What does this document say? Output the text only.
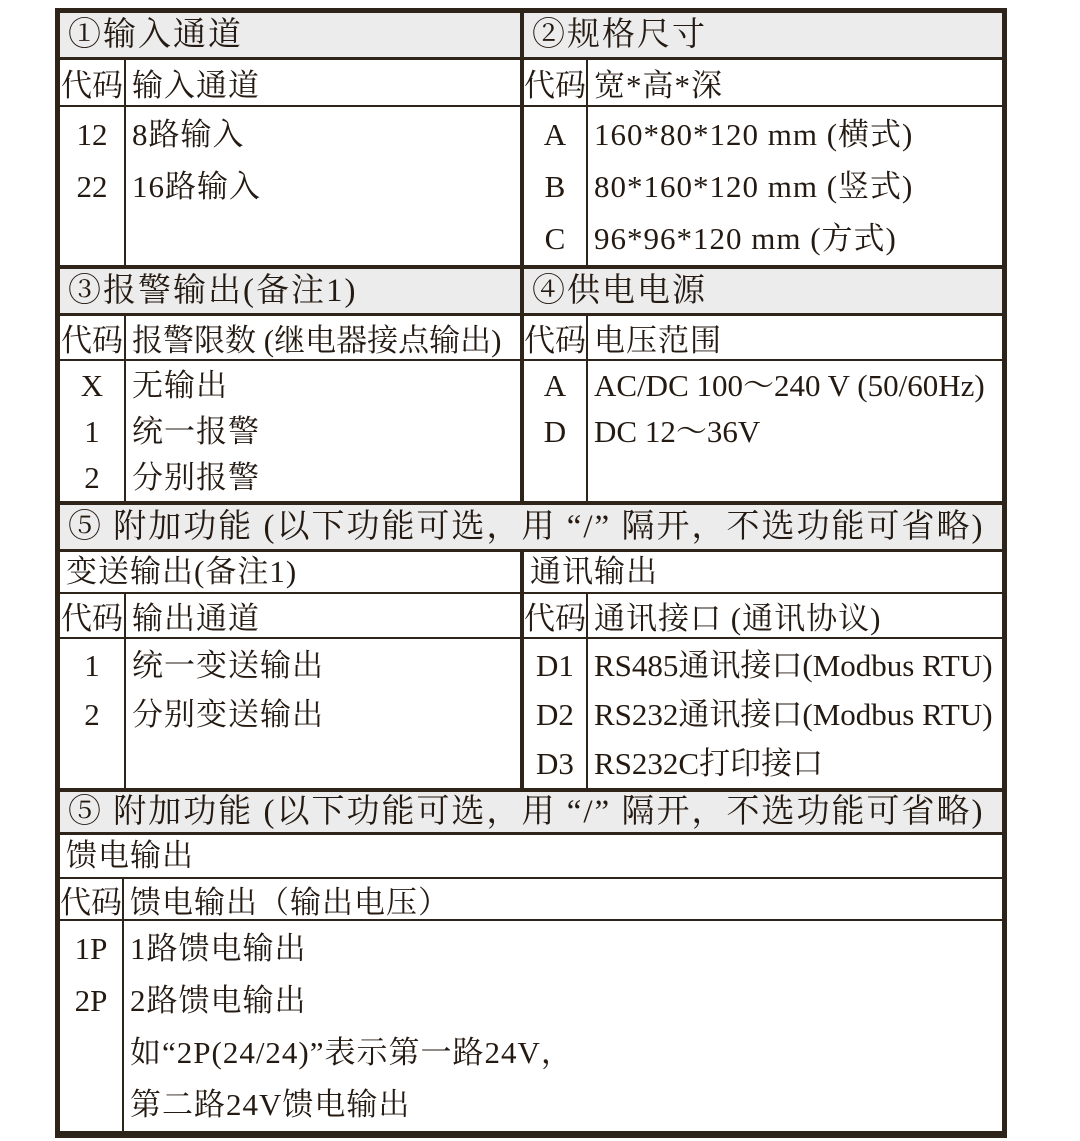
①输入通道
代码 输入通道
12
22
8路输入
16路输入
②规格尺寸
代码 宽*高*深
A
B
C
160*80*120 mm (横式)
80*160*120 mm (竖式)
96*96*120 mm (方式)
③报警输出(备注1)
代码 报警限数 (继电器接点输出)
X
1
2
无输出
统一报警
分别报警
④供电电源
代码 电压范围
A
D
AC/DC 100～240 V (50/60Hz)
DC 12～36V
⑤ 附加功能 (以下功能可选，用 “/” 隔开，不选功能可省略)
变送输出(备注1)
代码 输出通道
1
2
统一变送输出
分别变送输出
通讯输出
代码 通讯接口 (通讯协议)
D1
D2
D3
RS485通讯接口(Modbus RTU)
RS232通讯接口(Modbus RTU)
RS232C打印接口
⑤ 附加功能 (以下功能可选，用 “/” 隔开，不选功能可省略)
馈电输出
代码 馈电输出（输出电压）
1P
2P
1路馈电输出
2路馈电输出
如“2P(24/24)”表示第一路24V，
第二路24V馈电输出
